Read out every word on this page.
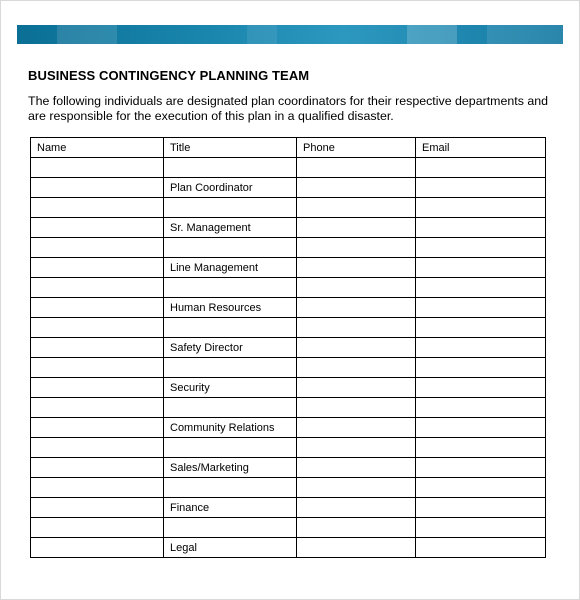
BUSINESS CONTINGENCY PLANNING TEAM
The following individuals are designated plan coordinators for their respective departments and are responsible for the execution of this plan in a qualified disaster.
Name	Title	Phone	Email

	Plan Coordinator		

	Sr. Management		

	Line Management		

	Human Resources		

	Safety Director		

	Security		

	Community Relations		

	Sales/Marketing		

	Finance		

	Legal		
